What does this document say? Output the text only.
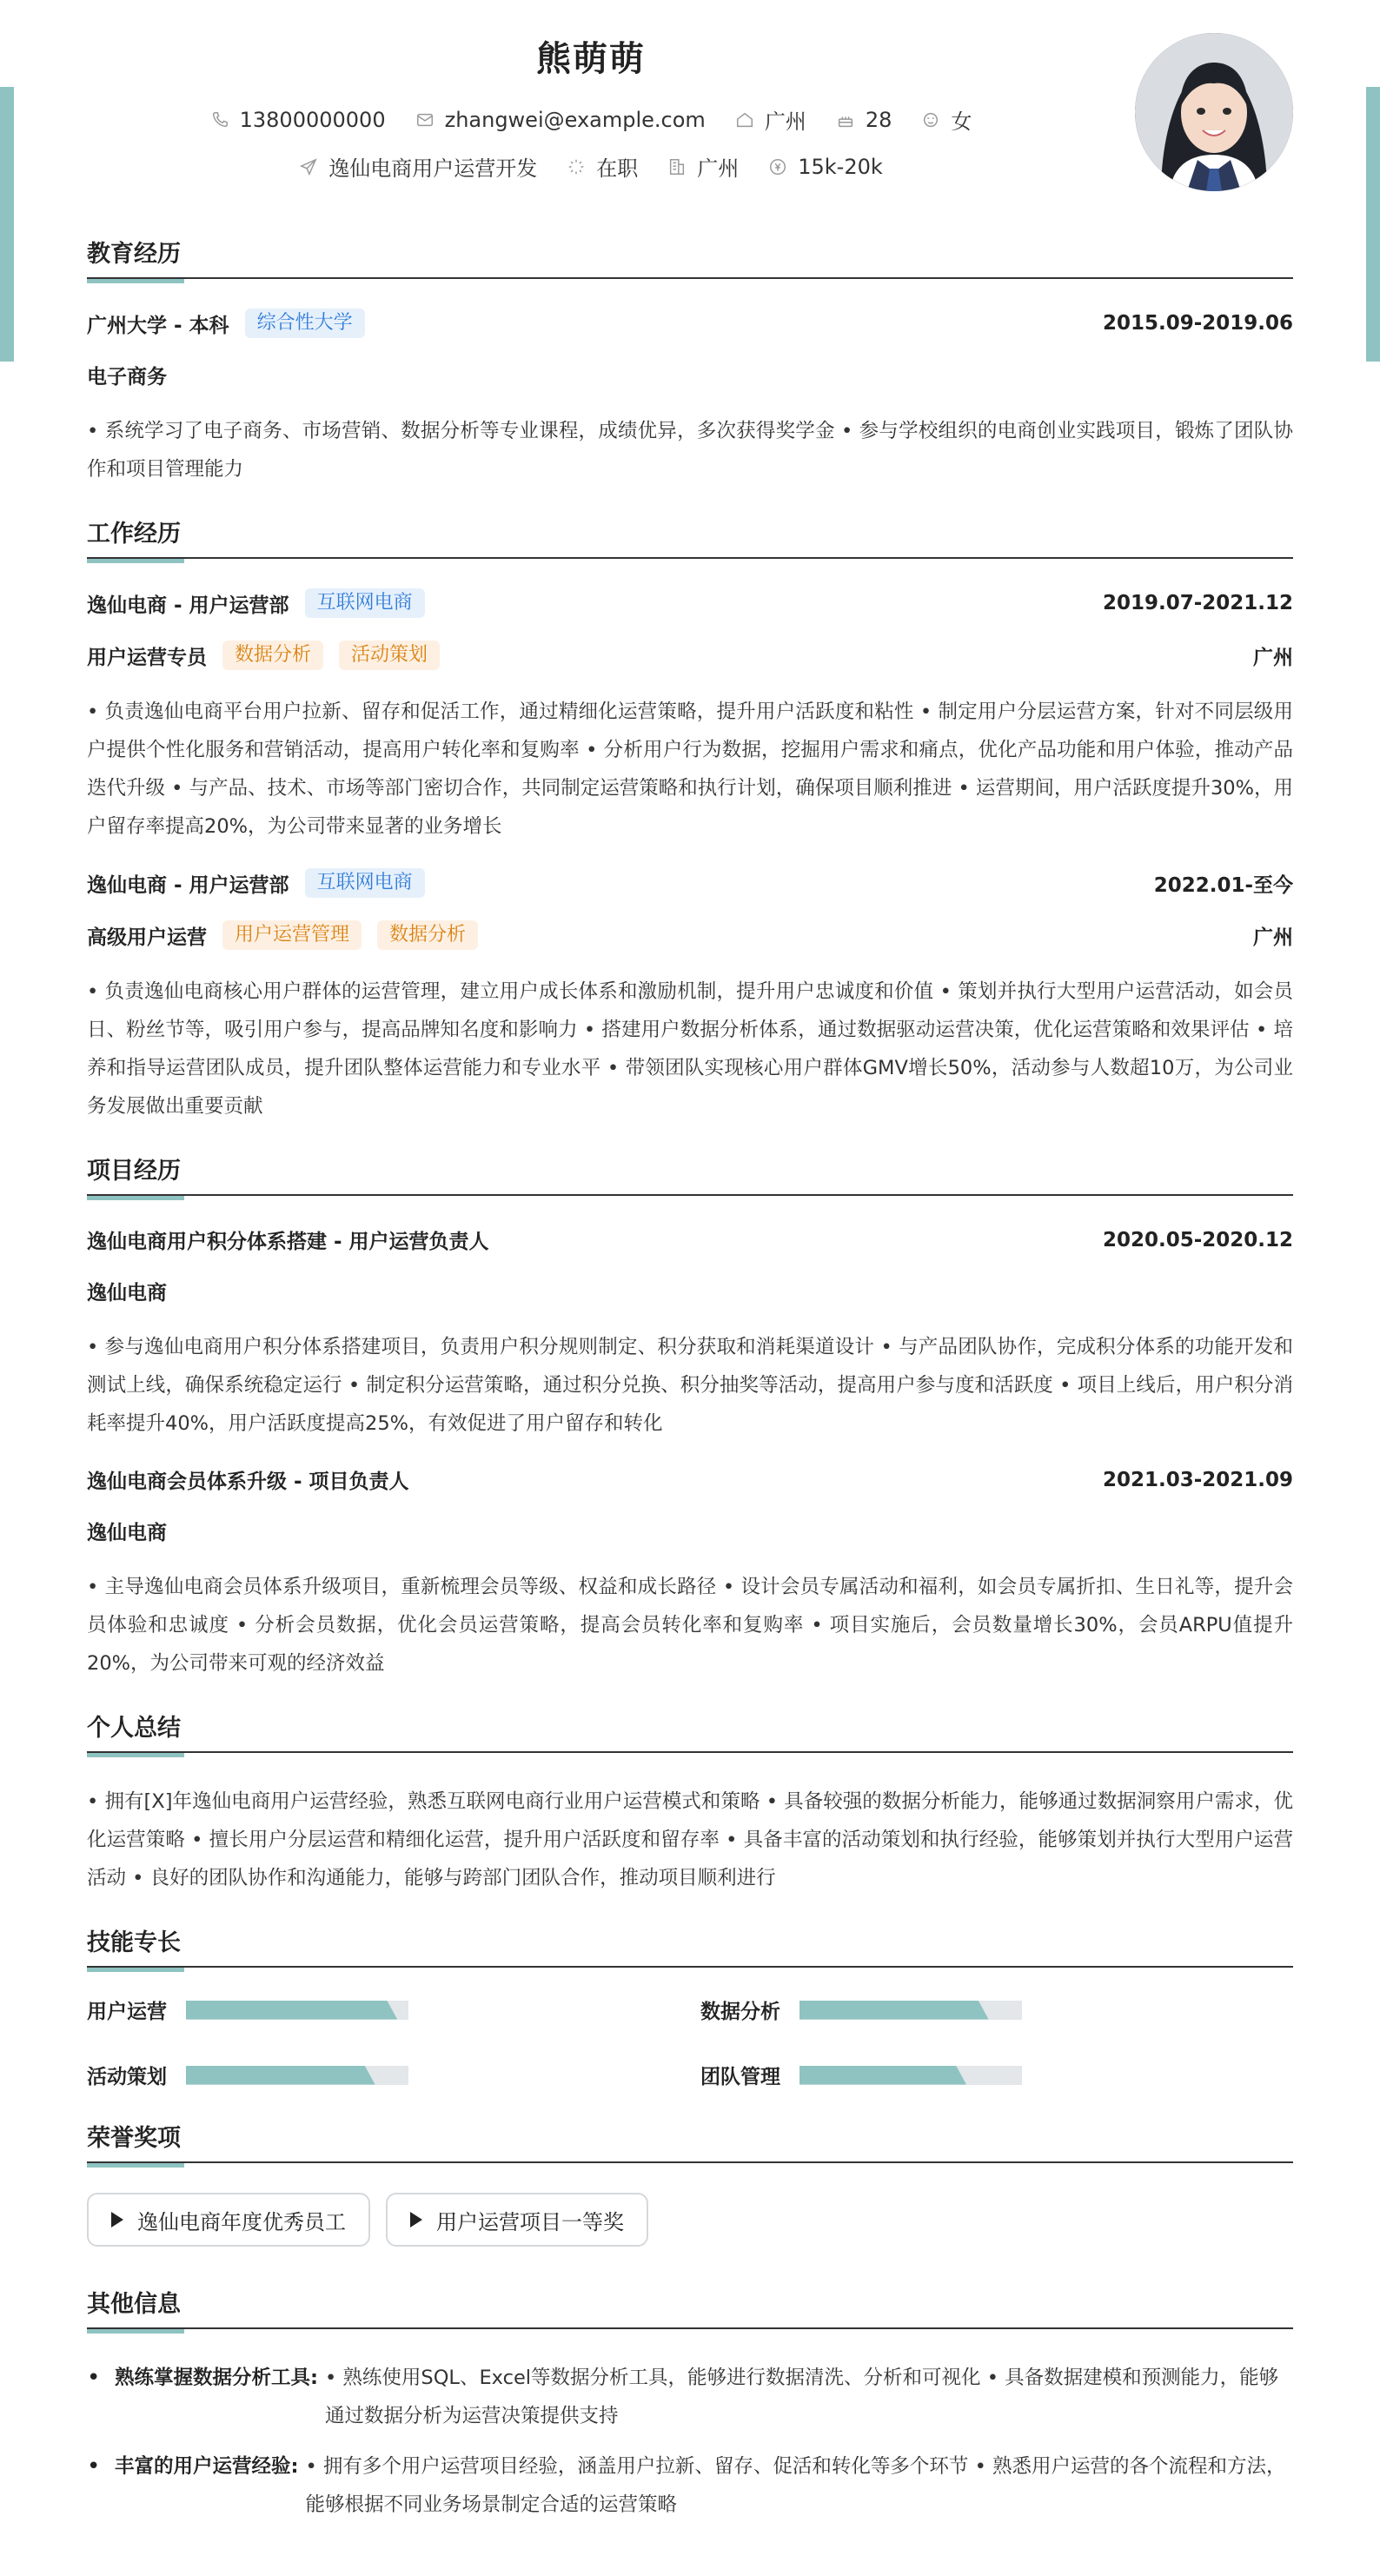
熊萌萌
13800000000	zhangwei@example.com	广州	28	女
逸仙电商用户运营开发	在职	广州	15k-20k
教育经历
广州大学 - 本科	综合性大学	2015.09-2019.06
电子商务
• 系统学习了电子商务、市场营销、数据分析等专业课程，成绩优异，多次获得奖学金 • 参与学校组织的电商创业实践项目，锻炼了团队协作和项目管理能力
工作经历
逸仙电商 - 用户运营部	互联网电商	2019.07-2021.12
用户运营专员	数据分析	活动策划	广州
• 负责逸仙电商平台用户拉新、留存和促活工作，通过精细化运营策略，提升用户活跃度和粘性 • 制定用户分层运营方案，针对不同层级用户提供个性化服务和营销活动，提高用户转化率和复购率 • 分析用户行为数据，挖掘用户需求和痛点，优化产品功能和用户体验，推动产品迭代升级 • 与产品、技术、市场等部门密切合作，共同制定运营策略和执行计划，确保项目顺利推进 • 运营期间，用户活跃度提升30%，用户留存率提高20%，为公司带来显著的业务增长
逸仙电商 - 用户运营部	互联网电商	2022.01-至今
高级用户运营	用户运营管理	数据分析	广州
• 负责逸仙电商核心用户群体的运营管理，建立用户成长体系和激励机制，提升用户忠诚度和价值 • 策划并执行大型用户运营活动，如会员日、粉丝节等，吸引用户参与，提高品牌知名度和影响力 • 搭建用户数据分析体系，通过数据驱动运营决策，优化运营策略和效果评估 • 培养和指导运营团队成员，提升团队整体运营能力和专业水平 • 带领团队实现核心用户群体GMV增长50%，活动参与人数超10万，为公司业务发展做出重要贡献
项目经历
逸仙电商用户积分体系搭建 - 用户运营负责人	2020.05-2020.12
逸仙电商
• 参与逸仙电商用户积分体系搭建项目，负责用户积分规则制定、积分获取和消耗渠道设计 • 与产品团队协作，完成积分体系的功能开发和测试上线，确保系统稳定运行 • 制定积分运营策略，通过积分兑换、积分抽奖等活动，提高用户参与度和活跃度 • 项目上线后，用户积分消耗率提升40%，用户活跃度提高25%，有效促进了用户留存和转化
逸仙电商会员体系升级 - 项目负责人	2021.03-2021.09
逸仙电商
• 主导逸仙电商会员体系升级项目，重新梳理会员等级、权益和成长路径 • 设计会员专属活动和福利，如会员专属折扣、生日礼等，提升会员体验和忠诚度 • 分析会员数据，优化会员运营策略，提高会员转化率和复购率 • 项目实施后，会员数量增长30%，会员ARPU值提升20%，为公司带来可观的经济效益
个人总结
• 拥有[X]年逸仙电商用户运营经验，熟悉互联网电商行业用户运营模式和策略 • 具备较强的数据分析能力，能够通过数据洞察用户需求，优化运营策略 • 擅长用户分层运营和精细化运营，提升用户活跃度和留存率 • 具备丰富的活动策划和执行经验，能够策划并执行大型用户运营活动 • 良好的团队协作和沟通能力，能够与跨部门团队合作，推动项目顺利进行
技能专长
用户运营	数据分析
活动策划	团队管理
荣誉奖项
逸仙电商年度优秀员工	用户运营项目一等奖
其他信息
• 熟练掌握数据分析工具: • 熟练使用SQL、Excel等数据分析工具，能够进行数据清洗、分析和可视化 • 具备数据建模和预测能力，能够通过数据分析为运营决策提供支持
• 丰富的用户运营经验: • 拥有多个用户运营项目经验，涵盖用户拉新、留存、促活和转化等多个环节 • 熟悉用户运营的各个流程和方法，能够根据不同业务场景制定合适的运营策略
